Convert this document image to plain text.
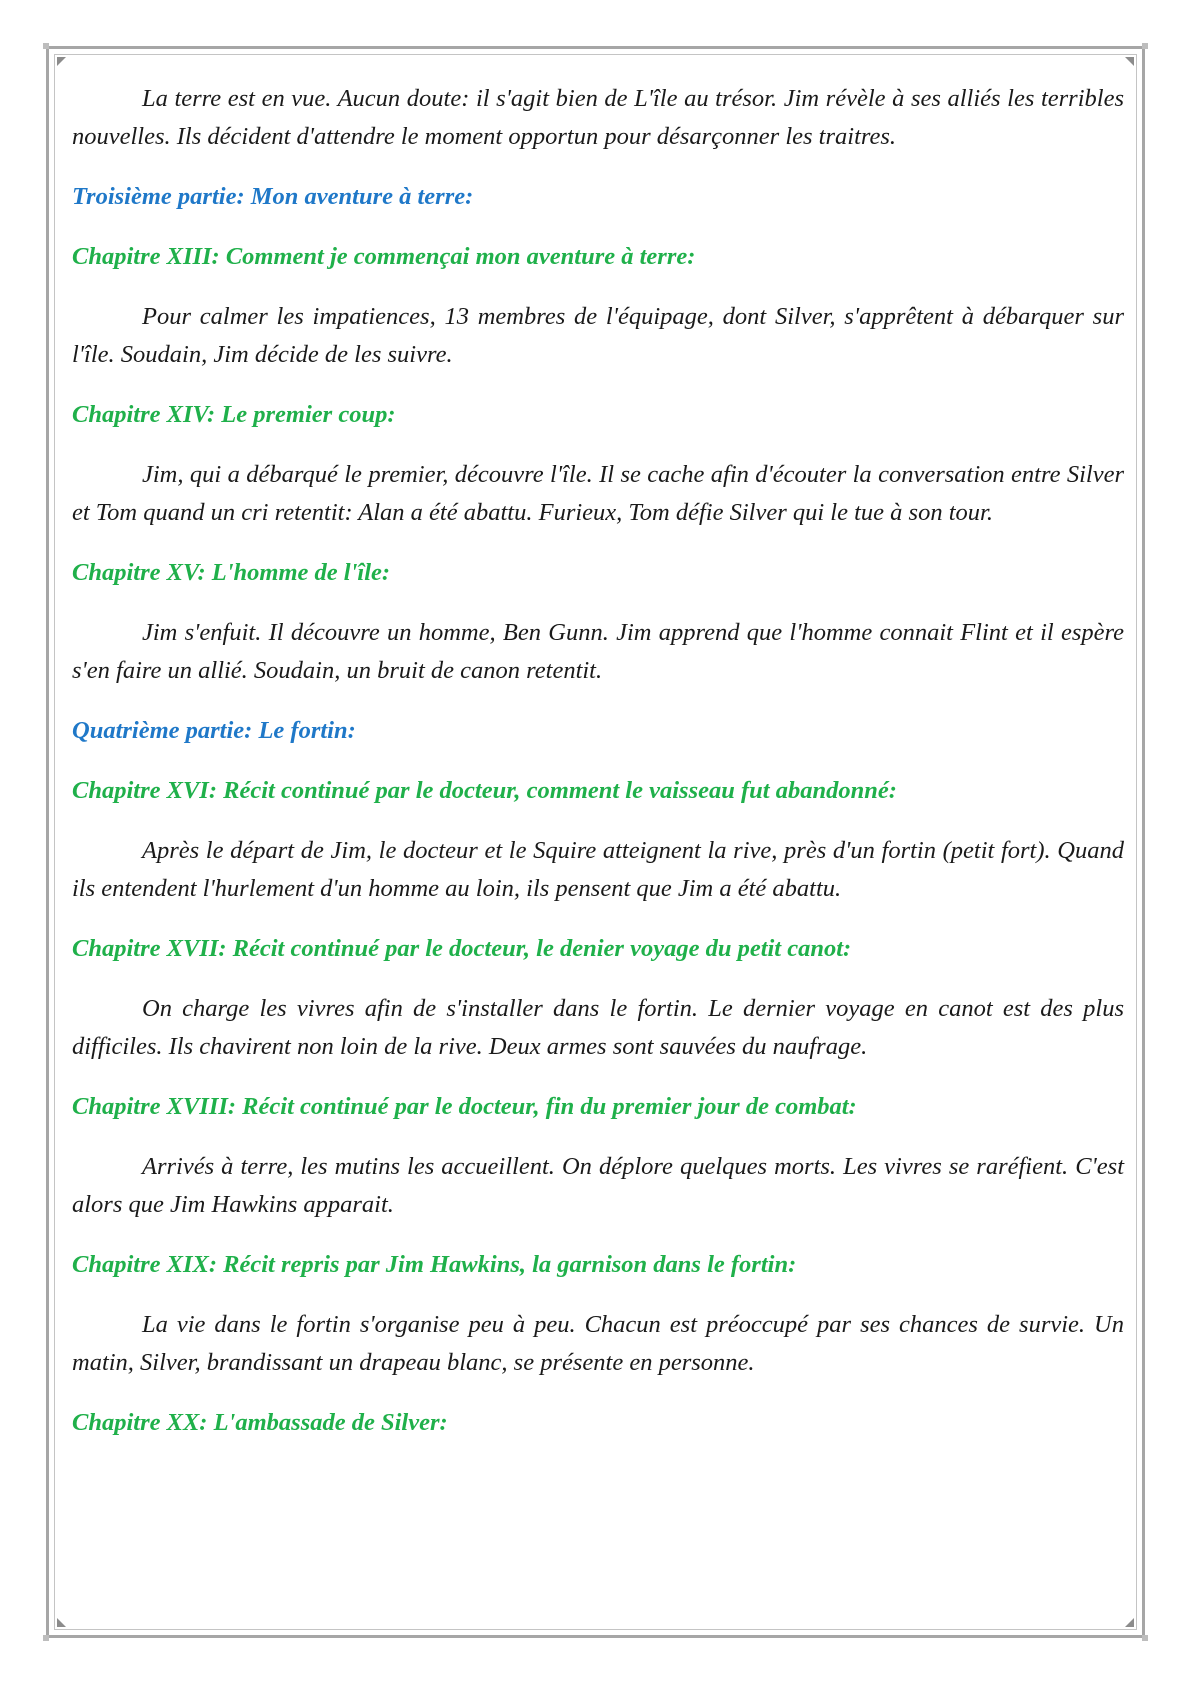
La terre est en vue. Aucun doute: il s'agit bien de L'île au trésor. Jim révèle à ses alliés les terribles nouvelles. Ils décident d'attendre le moment opportun pour désarçonner les traitres.

Troisième partie: Mon aventure à terre:
Chapitre XIII: Comment je commençai mon aventure à terre:

Pour calmer les impatiences, 13 membres de l'équipage, dont Silver, s'apprêtent à débarquer sur l'île. Soudain, Jim décide de les suivre.

Chapitre XIV: Le premier coup:

Jim, qui a débarqué le premier, découvre l'île. Il se cache afin d'écouter la conversation entre Silver et Tom quand un cri retentit: Alan a été abattu. Furieux, Tom défie Silver qui le tue à son tour.

Chapitre XV: L'homme de l'île:

Jim s'enfuit. Il découvre un homme, Ben Gunn. Jim apprend que l'homme connait Flint et il espère s'en faire un allié. Soudain, un bruit de canon retentit.

Quatrième partie: Le fortin:
Chapitre XVI: Récit continué par le docteur, comment le vaisseau fut abandonné:

Après le départ de Jim, le docteur et le Squire atteignent la rive, près d'un fortin (petit fort). Quand ils entendent l'hurlement d'un homme au loin, ils pensent que Jim a été abattu.

Chapitre XVII: Récit continué par le docteur, le denier voyage du petit canot:

On charge les vivres afin de s'installer dans le fortin. Le dernier voyage en canot est des plus difficiles. Ils chavirent non loin de la rive. Deux armes sont sauvées du naufrage.

Chapitre XVIII: Récit continué par le docteur, fin du premier jour de combat:

Arrivés à terre, les mutins les accueillent. On déplore quelques morts. Les vivres se raréfient. C'est alors que Jim Hawkins apparait.

Chapitre XIX: Récit repris par Jim Hawkins, la garnison dans le fortin:

La vie dans le fortin s'organise peu à peu. Chacun est préoccupé par ses chances de survie. Un matin, Silver, brandissant un drapeau blanc, se présente en personne.

Chapitre XX: L'ambassade de Silver:
